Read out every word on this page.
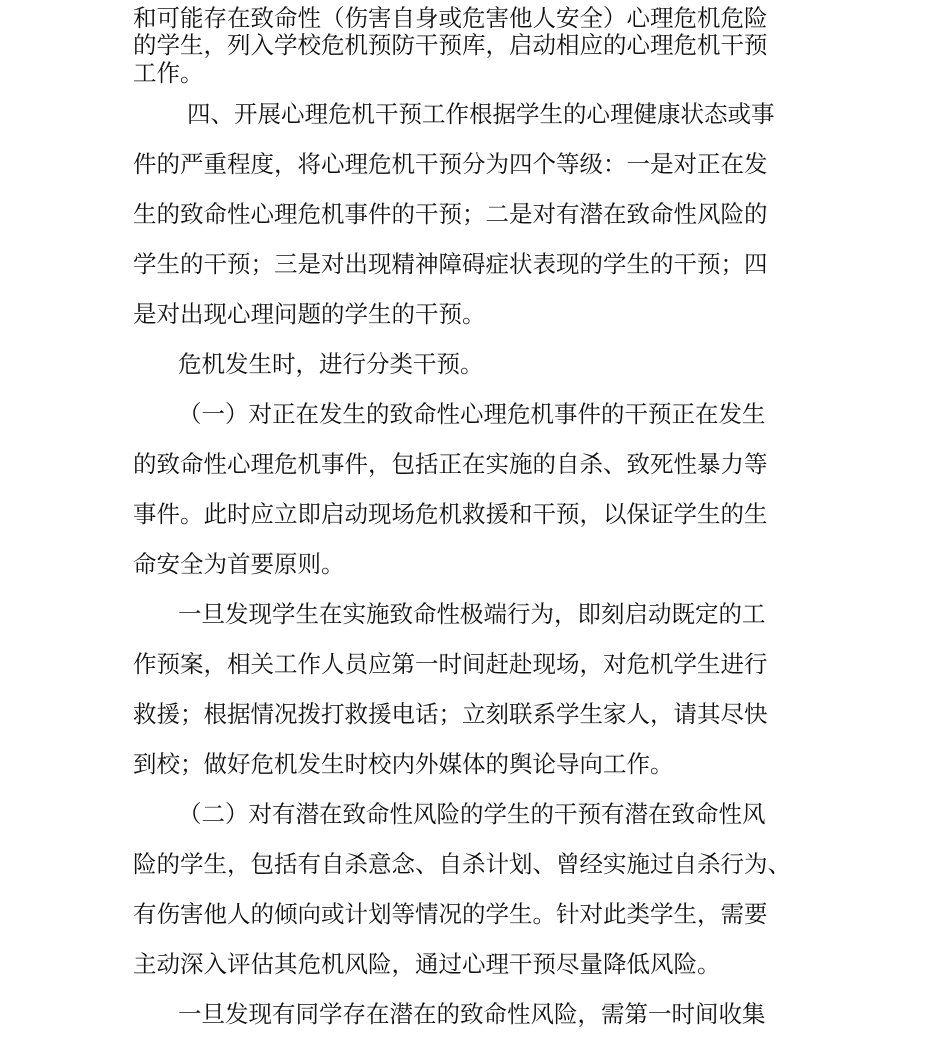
和可能存在致命性（伤害自身或危害他人安全）心理危机危险
的学生，列入学校危机预防干预库，启动相应的心理危机干预
工作。
四、开展心理危机干预工作根据学生的心理健康状态或事
件的严重程度，将心理危机干预分为四个等级：一是对正在发
生的致命性心理危机事件的干预；二是对有潜在致命性风险的
学生的干预；三是对出现精神障碍症状表现的学生的干预；四
是对出现心理问题的学生的干预。
危机发生时，进行分类干预。
（一）对正在发生的致命性心理危机事件的干预正在发生
的致命性心理危机事件，包括正在实施的自杀、致死性暴力等
事件。此时应立即启动现场危机救援和干预，以保证学生的生
命安全为首要原则。
一旦发现学生在实施致命性极端行为，即刻启动既定的工
作预案，相关工作人员应第一时间赶赴现场，对危机学生进行
救援；根据情况拨打救援电话；立刻联系学生家人，请其尽快
到校；做好危机发生时校内外媒体的舆论导向工作。
（二）对有潜在致命性风险的学生的干预有潜在致命性风
险的学生，包括有自杀意念、自杀计划、曾经实施过自杀行为、
有伤害他人的倾向或计划等情况的学生。针对此类学生，需要
主动深入评估其危机风险，通过心理干预尽量降低风险。
一旦发现有同学存在潜在的致命性风险，需第一时间收集
